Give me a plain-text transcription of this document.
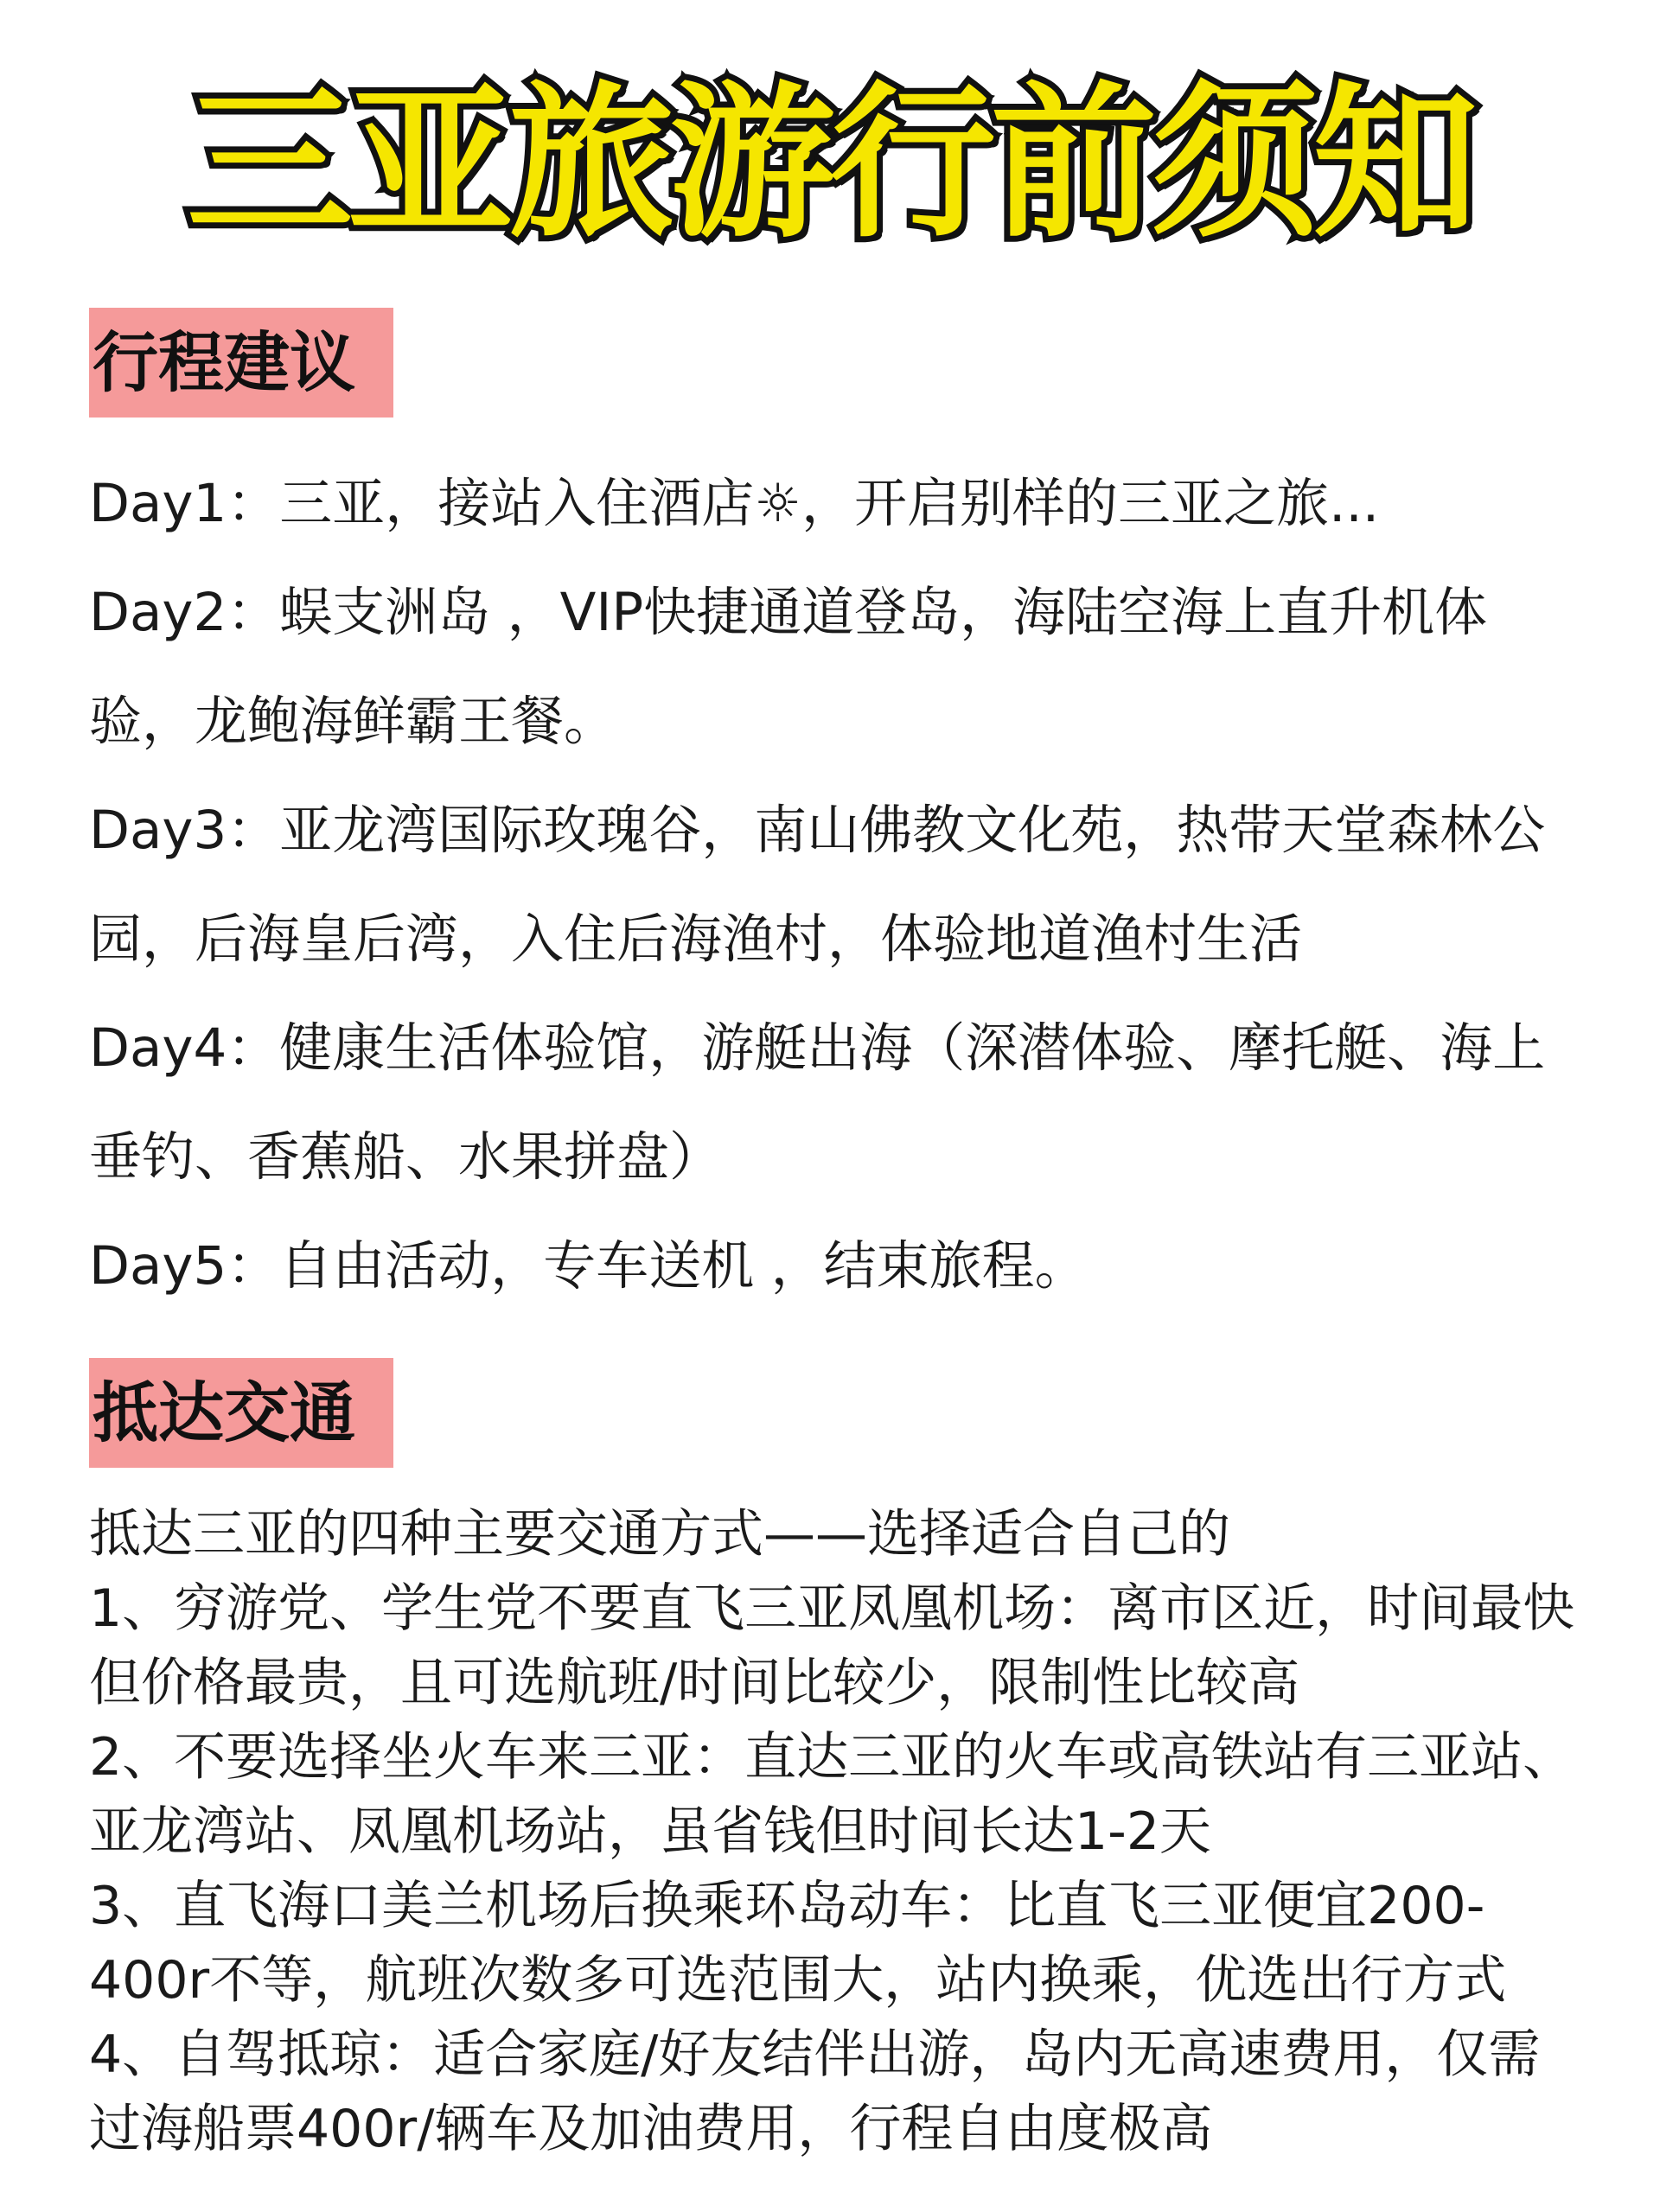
三亚旅游行前须知
行程建议

Day1：三亚，接站入住酒店☼，开启别样的三亚之旅...

Day2：蜈支洲岛 ，VIP快捷通道登岛，海陆空海上直升机体验，龙鲍海鲜霸王餐。

Day3：亚龙湾国际玫瑰谷，南山佛教文化苑，热带天堂森林公园，后海皇后湾，入住后海渔村，体验地道渔村生活

Day4：健康生活体验馆，游艇出海（深潜体验、摩托艇、海上垂钓、香蕉船、水果拼盘）

Day5：自由活动，专车送机 ，结束旅程。

抵达交通

抵达三亚的四种主要交通方式——选择适合自己的

1、穷游党、学生党不要直飞三亚凤凰机场：离市区近，时间最快但价格最贵，且可选航班/时间比较少，限制性比较高

2、不要选择坐火车来三亚：直达三亚的火车或高铁站有三亚站、亚龙湾站、凤凰机场站，虽省钱但时间长达1-2天

3、直飞海口美兰机场后换乘环岛动车：比直飞三亚便宜200-400r不等，航班次数多可选范围大，站内换乘，优选出行方式

4、自驾抵琼：适合家庭/好友结伴出游，岛内无高速费用，仅需过海船票400r/辆车及加油费用，行程自由度极高
